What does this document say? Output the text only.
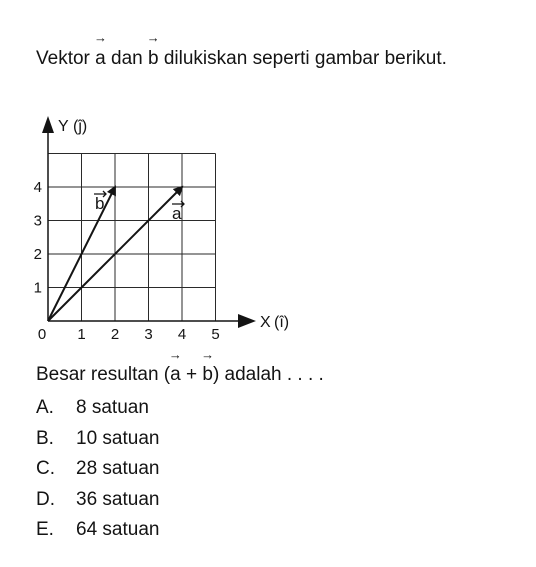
Vektor → a dan → b dilukiskan seperti gambar berikut.

0 1 2 3 4 5
1
2
3
4
Y (ĵ)
X (î)
b
a

Besar resultan (→ a + → b) adalah . . . .

A. 8 satuan
B. 10 satuan
C. 28 satuan
D. 36 satuan
E. 64 satuan
